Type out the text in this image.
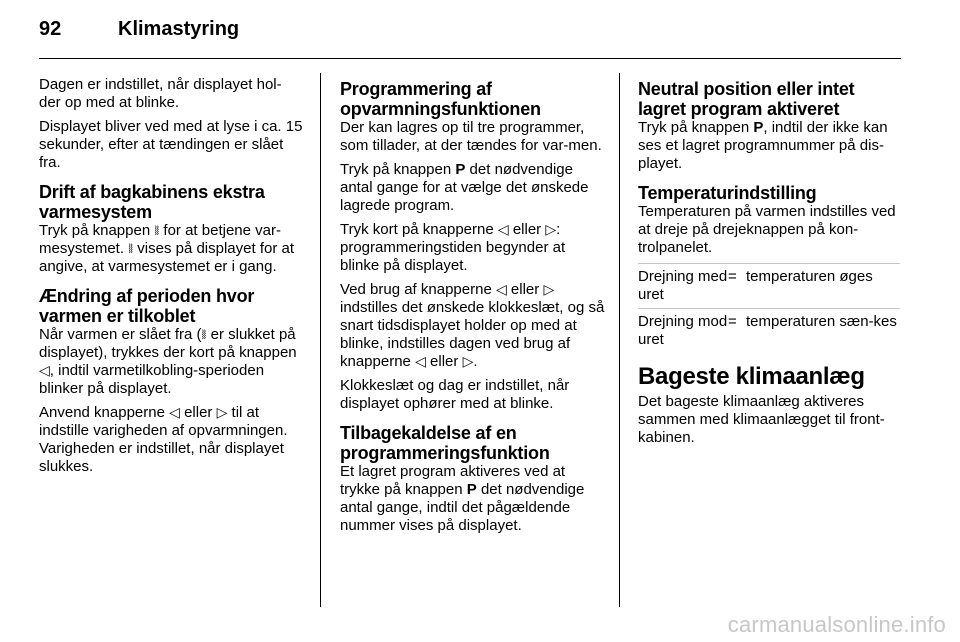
92	Klimastyring

Dagen er indstillet, når displayet hol-der op med at blinke.

Displayet bliver ved med at lyse i ca. 15 sekunder, efter at tændingen er slået fra.

Drift af bagkabinens ekstra varmesystem

Tryk på knappen ⧚ for at betjene var-mesystemet. ⧚ vises på displayet for at angive, at varmesystemet er i gang.

Ændring af perioden hvor varmen er tilkoblet

Når varmen er slået fra (⧚ er slukket på displayet), trykkes der kort på knappen ◁, indtil varmetilkobling-sperioden blinker på displayet.

Anvend knapperne ◁ eller ▷ til at indstille varigheden af opvarmningen. Varigheden er indstillet, når displayet slukkes.

Programmering af opvarmningsfunktionen

Der kan lagres op til tre programmer, som tillader, at der tændes for var-men.

Tryk på knappen P det nødvendige antal gange for at vælge det ønskede lagrede program.

Tryk kort på knapperne ◁ eller ▷: programmeringstiden begynder at blinke på displayet.

Ved brug af knapperne ◁ eller ▷ indstilles det ønskede klokkeslæt, og så snart tidsdisplayet holder op med at blinke, indstilles dagen ved brug af knapperne ◁ eller ▷.

Klokkeslæt og dag er indstillet, når displayet ophører med at blinke.

Tilbagekaldelse af en programmeringsfunktion

Et lagret program aktiveres ved at trykke på knappen P det nødvendige antal gange, indtil det pågældende nummer vises på displayet.

Neutral position eller intet lagret program aktiveret

Tryk på knappen P, indtil der ikke kan ses et lagret programnummer på dis-playet.

Temperaturindstilling

Temperaturen på varmen indstilles ved at dreje på drejeknappen på kon-trolpanelet.

Drejning med uret
= temperaturen øges
Drejning mod uret
= temperaturen sæn-kes
Bageste klimaanlæg

Det bageste klimaanlæg aktiveres sammen med klimaanlægget til front-kabinen.

carmanualsonline.info
